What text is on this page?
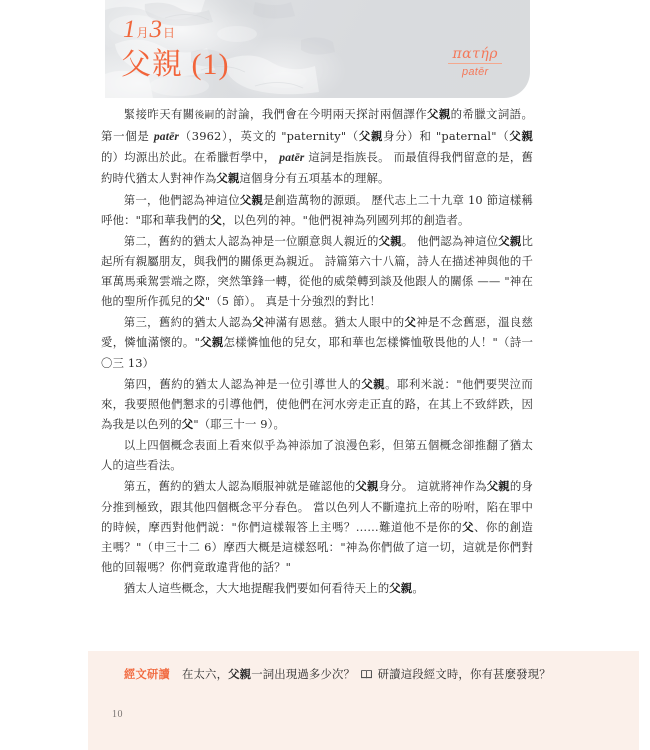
1月3日
父親 (1)	πατήρ
patēr

緊接昨天有關後嗣的討論，我們會在今明兩天探討兩個譯作父親的希臘文詞語。第一個是 patēr（3962），英文的 "paternity"（父親身分）和 "paternal"（父親的）均源出於此。在希臘哲學中， patēr 這詞是指族長。 而最值得我們留意的是，舊約時代猶太人對神作為父親這個身分有五項基本的理解。

第一，他們認為神這位父親是創造萬物的源頭。 歷代志上二十九章 10 節這樣稱呼他："耶和華我們的父，以色列的神。"他們視神為列國列邦的創造者。

第二，舊約的猶太人認為神是一位願意與人親近的父親。 他們認為神這位父親比起所有親屬朋友，與我們的關係更為親近。 詩篇第六十八篇，詩人在描述神與他的千軍萬馬乘駕雲端之際，突然筆鋒一轉，從他的威榮轉到談及他跟人的關係 —— "神在他的聖所作孤兒的父"（5 節）。 真是十分強烈的對比！

第三，舊約的猶太人認為父神滿有恩慈。猶太人眼中的父神是不念舊惡，溫良慈愛，憐恤滿懷的。"父親怎樣憐恤他的兒女，耶和華也怎樣憐恤敬畏他的人！"（詩一〇三 13）

第四，舊約的猶太人認為神是一位引導世人的父親。耶利米説："他們要哭泣而來，我要照他們懇求的引導他們，使他們在河水旁走正直的路，在其上不致絆跌，因為我是以色列的父"（耶三十一 9）。

以上四個概念表面上看來似乎為神添加了浪漫色彩，但第五個概念卻推翻了猶太人的這些看法。

第五，舊約的猶太人認為順服神就是確認他的父親身分。 這就將神作為父親的身分推到極致，跟其他四個概念平分春色。 當以色列人不斷違抗上帝的吩咐，陷在罪中的時候，摩西對他們説："你們這樣報答上主嗎？……難道他不是你的父、你的創造主嗎？"（申三十二 6）摩西大概是這樣怒吼："神為你們做了這一切，這就是你們對他的回報嗎？你們竟敢違背他的話？"

猶太人這些概念，大大地提醒我們要如何看待天上的父親。

經文研讀 在太六，父親一詞出現過多少次？  研讀這段經文時，你有甚麼發現？
10
